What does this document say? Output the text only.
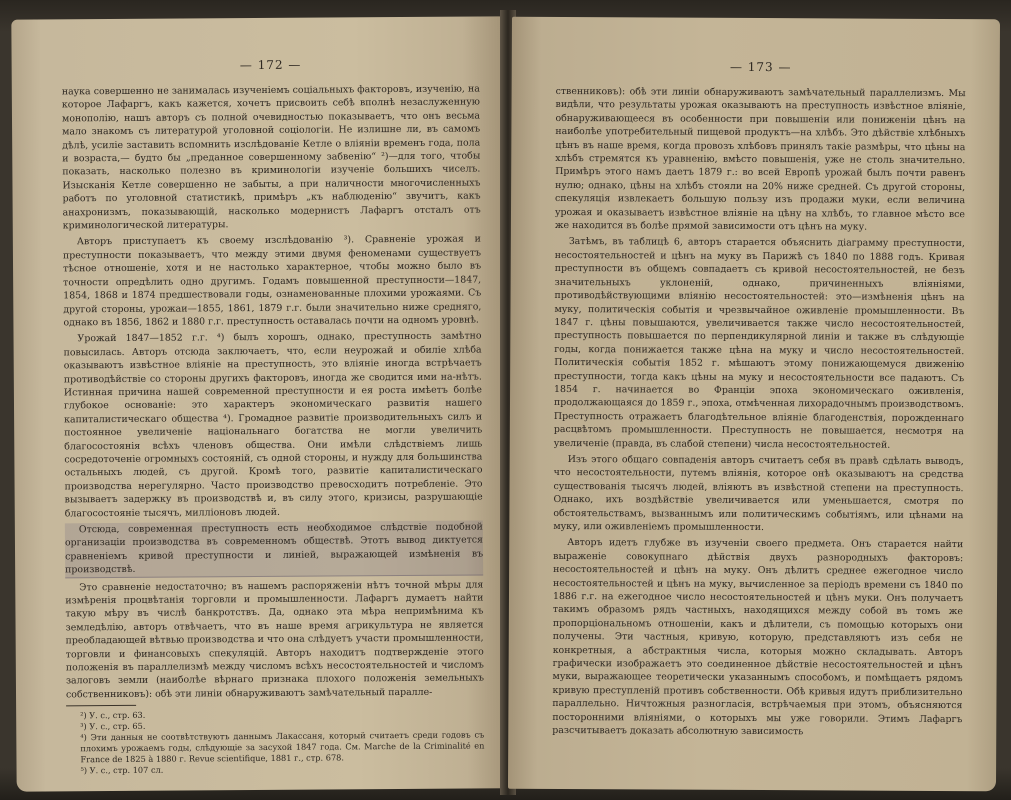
— 172 —

наука совершенно не занималась изученіемъ соціальныхъ факторовъ, изученію, на которое Лафаргъ, какъ кажется, хочетъ присвоить себѣ вполнѣ незаслуженную монополію, нашъ авторъ съ полной очевидностью показываетъ, что онъ весьма мало знакомъ съ литературой уголовной соціологіи. Не излишне ли, въ самомъ дѣлѣ, усиліе заставить вспомнить изслѣдованіе Кетле о вліяніи временъ года, пола и возраста,— будто бы „преданное совершенному забвенію“ ²)—для того, чтобы показать, насколько полезно въ криминологіи изученіе большихъ чиселъ. Изысканія Кетле совершенно не забыты, а при наличности многочисленныхъ работъ по уголовной статистикѣ, примѣръ „къ наблюденію“ звучитъ, какъ анахронизмъ, показывающій, насколько модернистъ Лафаргъ отсталъ отъ криминологической литературы.

Авторъ приступаетъ къ своему изслѣдованію ³). Сравненіе урожая и преступности показываетъ, что между этими двумя феноменами существуетъ тѣсное отношеніе, хотя и не настолько характерное, чтобы можно было въ точности опредѣлить одно другимъ. Годамъ повышенной преступности—1847, 1854, 1868 и 1874 предшествовали годы, ознаменованные плохими урожаями. Съ другой стороны, урожаи—1855, 1861, 1879 г.г. были значительно ниже средняго, однако въ 1856, 1862 и 1880 г.г. преступность оставалась почти на одномъ уровнѣ.

Урожай 1847—1852 г.г. ⁴) былъ хорошъ, однако, преступность замѣтно повысилась. Авторъ отсюда заключаетъ, что, если неурожай и обиліе хлѣба оказываютъ извѣстное вліяніе на преступность, это вліяніе иногда встрѣчаетъ противодѣйствіе со стороны другихъ факторовъ, иногда же сводится ими на-нѣтъ. Истинная причина нашей современной преступности и ея роста имѣетъ болѣе глубокое основаніе: это характеръ экономическаго развитія нашего капиталистическаго общества ⁴). Громадное развитіе производительныхъ силъ и постоянное увеличеніе національнаго богатства не могли увеличить благосостоянія всѣхъ членовъ общества. Они имѣли слѣдствіемъ лишь сосредоточеніе огромныхъ состояній, съ одной стороны, и нужду для большинства остальныхъ людей, съ другой. Кромѣ того, развитіе капиталистическаго производства нерегулярно. Часто производство превосходитъ потребленіе. Это вызываетъ задержку въ производствѣ и, въ силу этого, кризисы, разрушающіе благосостояніе тысячъ, милліоновъ людей.

Отсюда, современная преступность есть необходимое слѣдствіе подобной организаціи производства въ современномъ обществѣ. Этотъ вывод диктуется сравненіемъ кривой преступности и линіей, выражающей измѣненія въ производствѣ.

Это сравненіе недостаточно; въ нашемъ распоряженіи нѣтъ точной мѣры для измѣренія процвѣтанія торговли и промышленности. Лафаргъ думаетъ найти такую мѣру въ числѣ банкротствъ. Да, однако эта мѣра непримѣнима къ земледѣлію, авторъ отвѣчаетъ, что въ наше время агрикультура не является преобладающей вѣтвью производства и что она слѣдуетъ участи промышленности, торговли и финансовыхъ спекуляцій. Авторъ находитъ подтвержденіе этого положенія въ параллелизмѣ между числомъ всѣхъ несостоятельностей и числомъ залоговъ земли (наиболѣе вѣрнаго признака плохого положенія земельныхъ собственниковъ): обѣ эти линіи обнаруживаютъ замѣчательный паралле-

²) У. с., стр. 63.
³) У. с., стр. 65.
⁴) Эти данныя не соотвѣтствуютъ даннымъ Лакассаня, который считаетъ среди годовъ съ плохимъ урожаемъ годы, слѣдующіе за засухой 1847 года. См. Marche de la Criminalité en France de 1825 à 1880 г. Revue scientifique, 1881 г., стр. 678.
⁵) У. с., стр. 107 сл.
— 173 —

ственниковъ): обѣ эти линіи обнаруживаютъ замѣчательный параллелизмъ. Мы видѣли, что результаты урожая оказываютъ на преступность извѣстное вліяніе, обнаруживающееся въ особенности при повышеніи или пониженіи цѣнъ на наиболѣе употребительный пищевой продуктъ—на хлѣбъ. Это дѣйствіе хлѣбныхъ цѣнъ въ наше время, когда провозъ хлѣбовъ принялъ такіе размѣры, что цѣны на хлѣбъ стремятся къ уравненію, вмѣсто повышенія, уже не столь значительно. Примѣръ этого намъ даетъ 1879 г.: во всей Европѣ урожай былъ почти равенъ нулю; однако, цѣны на хлѣбъ стояли на 20% ниже средней. Съ другой стороны, спекуляція извлекаетъ большую пользу изъ продажи муки, если величина урожая и оказываетъ извѣстное вліяніе на цѣну на хлѣбъ, то главное мѣсто все же находится въ болѣе прямой зависимости отъ цѣнъ на муку.

Затѣмъ, въ таблицѣ 6, авторъ старается объяснить діаграмму преступности, несостоятельностей и цѣнъ на муку въ Парижѣ съ 1840 по 1888 годъ. Кривая преступности въ общемъ совпадаетъ съ кривой несостоятельностей, не безъ значительныхъ уклоненій, однако, причиненныхъ вліяніями, противодѣйствующими вліянію несостоятельностей: это—измѣненія цѣнъ на муку, политическія событія и чрезвычайное оживленіе промышленности. Въ 1847 г. цѣны повышаются, увеличивается также число несостоятельностей, преступность повышается по перпендикулярной линіи и также въ слѣдующіе годы, когда понижается также цѣна на муку и число несостоятельностей. Политическія событія 1852 г. мѣшаютъ этому понижающемуся движенію преступности, тогда какъ цѣны на муку и несостоятельности все падаютъ. Съ 1854 г. начинается во Франціи эпоха экономическаго оживленія, продолжающаяся до 1859 г., эпоха, отмѣченная лихорадочнымъ производствомъ. Преступность отражаетъ благодѣтельное вліяніе благоденствія, порожденнаго расцвѣтомъ промышленности. Преступность не повышается, несмотря на увеличеніе (правда, въ слабой степени) числа несостоятельностей.

Изъ этого общаго совпаденія авторъ считаетъ себя въ правѣ сдѣлать выводъ, что несостоятельности, путемъ вліянія, которое онѣ оказываютъ на средства существованія тысячъ людей, вліяютъ въ извѣстной степени на преступность. Однако, ихъ воздѣйствіе увеличивается или уменьшается, смотря по обстоятельствамъ, вызваннымъ или политическимъ событіямъ, или цѣнами на муку, или оживленіемъ промышленности.

Авторъ идетъ глубже въ изученіи своего предмета. Онъ старается найти выраженіе совокупнаго дѣйствія двухъ разнородныхъ факторовъ: несостоятельностей и цѣнъ на муку. Онъ дѣлитъ среднее ежегодное число несостоятельностей и цѣнъ на муку, вычисленное за періодъ времени съ 1840 по 1886 г.г. на ежегодное число несостоятельностей и цѣнъ муки. Онъ получаетъ такимъ образомъ рядъ частныхъ, находящихся между собой въ томъ же пропорціональномъ отношеніи, какъ и дѣлители, съ помощью которыхъ они получены. Эти частныя, кривую, которую, представляютъ изъ себя не конкретныя, а абстрактныя числа, которыя можно складывать. Авторъ графически изображаетъ это соединенное дѣйствіе несостоятельностей и цѣнъ муки, выражающее теоретически указаннымъ способомъ, и помѣщаетъ рядомъ кривую преступленій противъ собственности. Обѣ кривыя идутъ приблизительно параллельно. Ничтожныя разногласія, встрѣчаемыя при этомъ, объясняются посторонними вліяніями, о которыхъ мы уже говорили. Этимъ Лафаргъ разсчитываетъ доказать абсолютную зависимость
